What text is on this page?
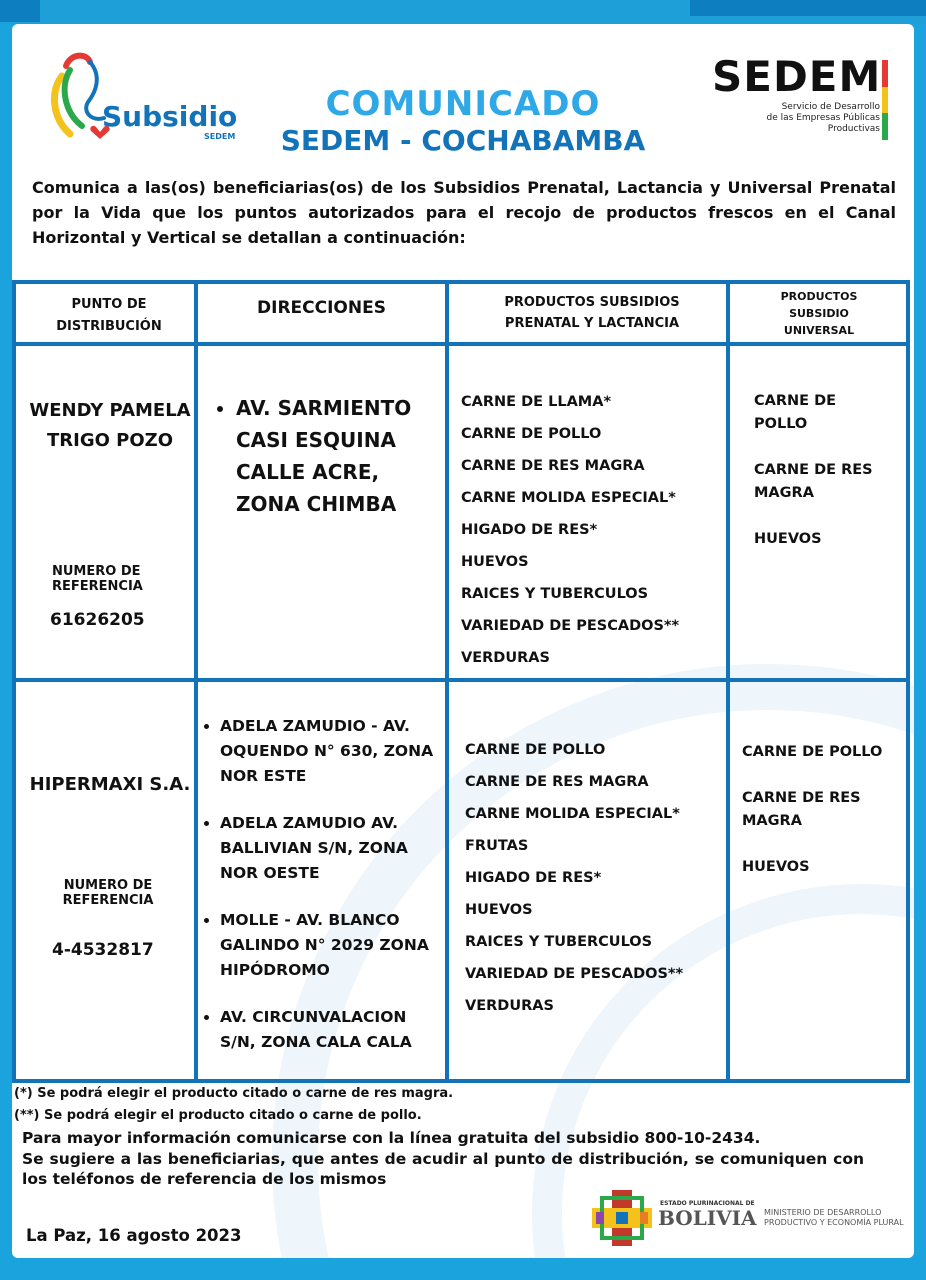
Subsidio
SEDEM
SEDEM
Servicio de Desarrollo
de las Empresas Públicas
Productivas
COMUNICADO
SEDEM - COCHABAMBA
Comunica a las(os) beneficiarias(os) de los Subsidios Prenatal, Lactancia y Universal Prenatal por la Vida que los puntos autorizados para el recojo de productos frescos en el Canal Horizontal y Vertical se detallan a continuación:
PUNTO DE DISTRIBUCIÓN
DIRECCIONES	PRODUCTOS SUBSIDIOS PRENATAL Y LACTANCIA
PRODUCTOS SUBSIDIO UNIVERSAL
WENDY PAMELA TRIGO POZO
NUMERO DE REFERENCIA
61626205
• AV. SARMIENTO CASI ESQUINA CALLE ACRE, ZONA CHIMBA
CARNE DE LLAMA*
CARNE DE POLLO
CARNE DE RES MAGRA
CARNE MOLIDA ESPECIAL*
HIGADO DE RES*
HUEVOS
RAICES Y TUBERCULOS
VARIEDAD DE PESCADOS**
VERDURAS
CARNE DE POLLO
CARNE DE RES MAGRA
HUEVOS
HIPERMAXI S.A.
NUMERO DE REFERENCIA
4-4532817
• ADELA ZAMUDIO - AV. OQUENDO N° 630, ZONA NOR ESTE
• ADELA ZAMUDIO AV. BALLIVIAN S/N, ZONA NOR OESTE
• MOLLE - AV. BLANCO GALINDO N° 2029 ZONA HIPÓDROMO
• AV. CIRCUNVALACION S/N, ZONA CALA CALA
CARNE DE POLLO
CARNE DE RES MAGRA
CARNE MOLIDA ESPECIAL*
FRUTAS
HIGADO DE RES*
HUEVOS
RAICES Y TUBERCULOS
VARIEDAD DE PESCADOS**
VERDURAS
CARNE DE POLLO
CARNE DE RES MAGRA
HUEVOS
(*) Se podrá elegir el producto citado o carne de res magra.
(**) Se podrá elegir el producto citado o carne de pollo.
Para mayor información comunicarse con la línea gratuita del subsidio 800-10-2434.
Se sugiere a las beneficiarias, que antes de acudir al punto de distribución, se comuniquen con los teléfonos de referencia de los mismos
La Paz, 16 agosto 2023
ESTADO PLURINACIONAL DE
BOLIVIA MINISTERIO DE DESARROLLO
PRODUCTIVO Y ECONOMÍA PLURAL
